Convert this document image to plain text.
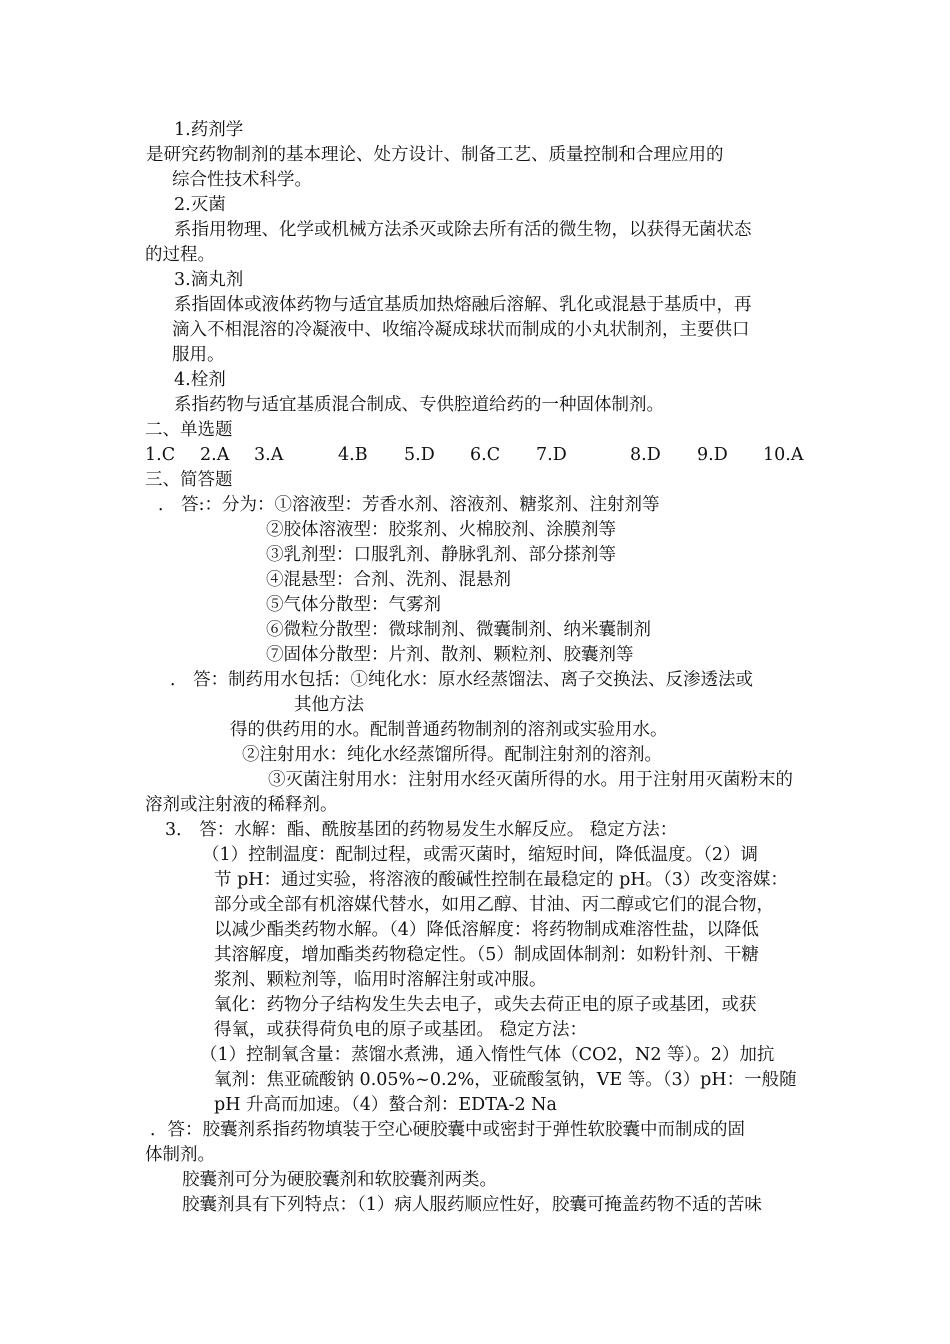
1.药剂学
是研究药物制剂的基本理论、处方设计、制备工艺、质量控制和合理应用的
综合性技术科学。
2.灭菌
系指用物理、化学或机械方法杀灭或除去所有活的微生物，以获得无菌状态
的过程。
3.滴丸剂
系指固体或液体药物与适宜基质加热熔融后溶解、乳化或混悬于基质中，再
滴入不相混溶的冷凝液中、收缩冷凝成球状而制成的小丸状制剂，主要供口
服用。
4.栓剂
系指药物与适宜基质混合制成、专供腔道给药的一种固体制剂。
二、单选题
1.C 2.A 3.A	4.B 5.D 6.C 7.D	8.D 9.D 10.A
三、简答题
． 答:：分为：①溶液型：芳香水剂、溶液剂、糖浆剂、注射剂等
②胶体溶液型：胶浆剂、火棉胶剂、涂膜剂等
③乳剂型：口服乳剂、静脉乳剂、部分搽剂等
④混悬型：合剂、洗剂、混悬剂
⑤气体分散型：气雾剂
⑥微粒分散型：微球制剂、微囊制剂、纳米囊制剂
⑦固体分散型：片剂、散剂、颗粒剂、胶囊剂等
． 答：制药用水包括：①纯化水：原水经蒸馏法、离子交换法、反渗透法或
其他方法
得的供药用的水。配制普通药物制剂的溶剂或实验用水。
②注射用水：纯化水经蒸馏所得。配制注射剂的溶剂。
③灭菌注射用水：注射用水经灭菌所得的水。用于注射用灭菌粉末的
溶剂或注射液的稀释剂。
3． 答：水解：酯、酰胺基团的药物易发生水解反应。 稳定方法：
（1）控制温度：配制过程，或需灭菌时，缩短时间，降低温度。（2）调
节 pH：通过实验，将溶液的酸碱性控制在最稳定的 pH。（3）改变溶媒：
部分或全部有机溶媒代替水，如用乙醇、甘油、丙二醇或它们的混合物，
以减少酯类药物水解。（4）降低溶解度：将药物制成难溶性盐，以降低
其溶解度，增加酯类药物稳定性。（5）制成固体制剂：如粉针剂、干糖
浆剂、颗粒剂等，临用时溶解注射或冲服。
氧化：药物分子结构发生失去电子，或失去荷正电的原子或基团，或获
得氧，或获得荷负电的原子或基团。 稳定方法：
（1）控制氧含量：蒸馏水煮沸，通入惰性气体（CO2，N2 等）。2）加抗
氧剂：焦亚硫酸钠 0.05%~0.2%，亚硫酸氢钠，VE 等。（3）pH：一般随
pH 升高而加速。（4）螯合剂：EDTA-2 Na
．答：胶囊剂系指药物填装于空心硬胶囊中或密封于弹性软胶囊中而制成的固
体制剂。
胶囊剂可分为硬胶囊剂和软胶囊剂两类。
胶囊剂具有下列特点：（1）病人服药顺应性好，胶囊可掩盖药物不适的苦味
